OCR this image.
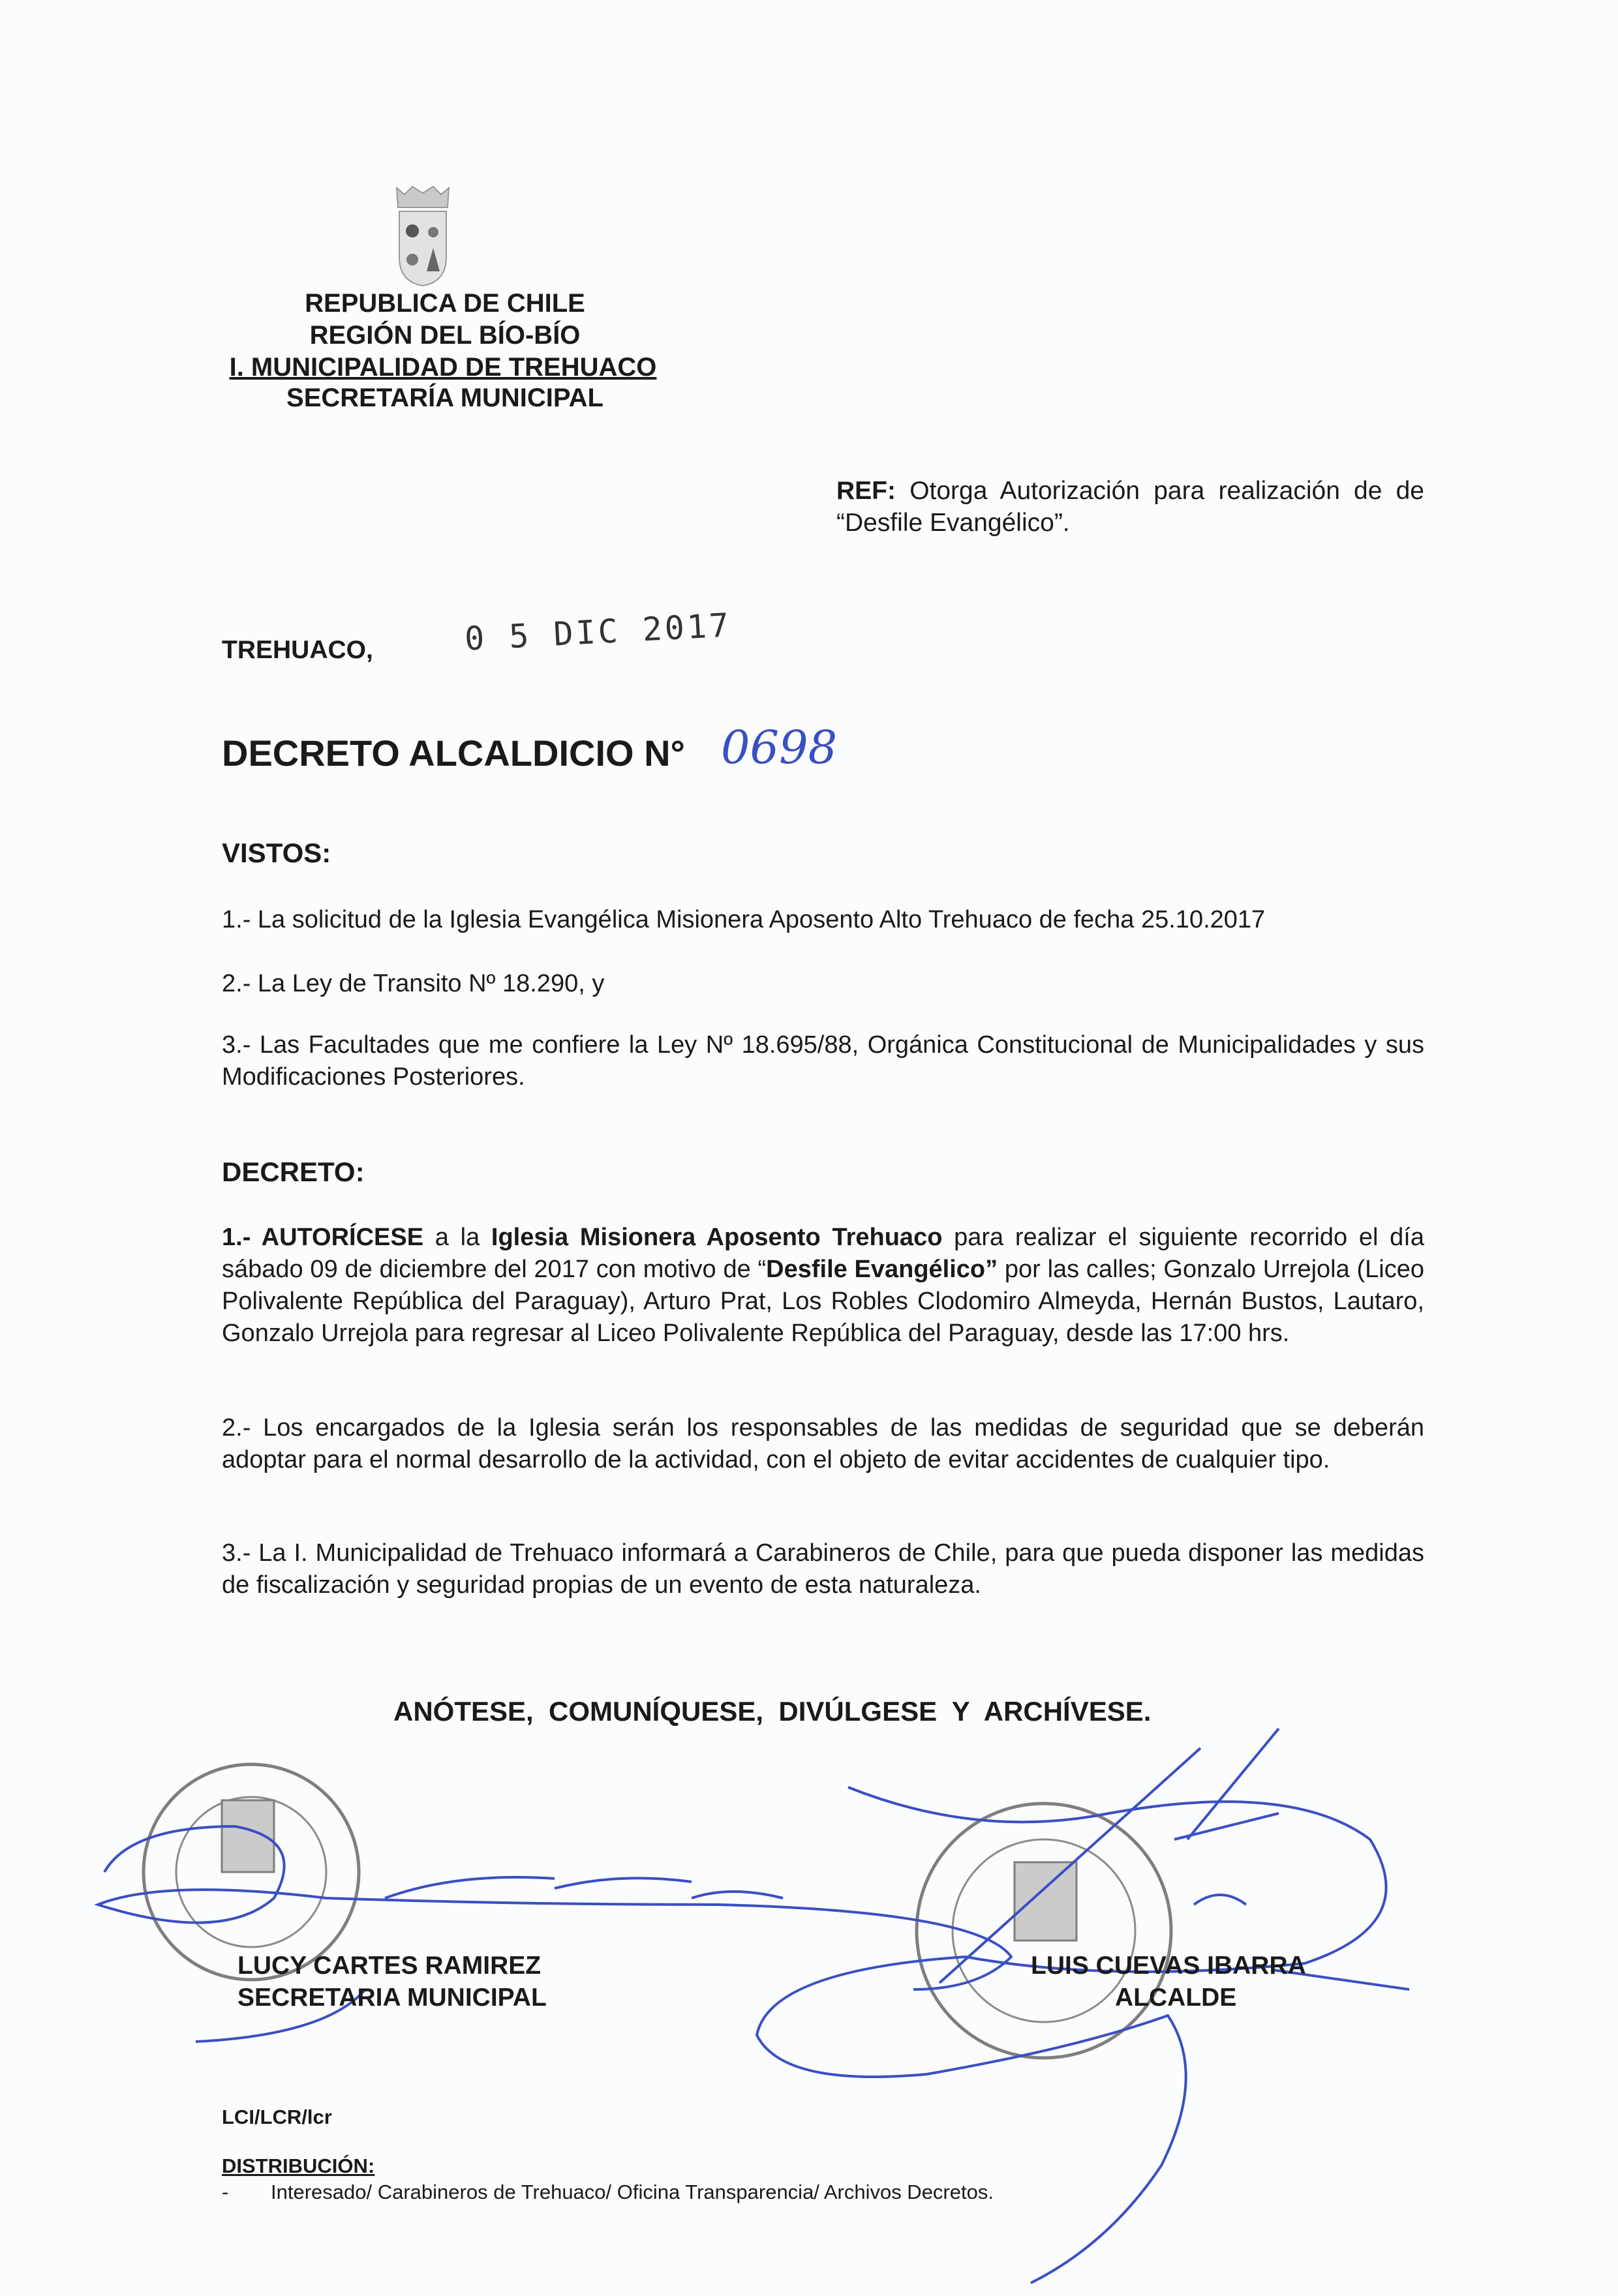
REPUBLICA DE CHILE
REGIÓN DEL BÍO-BÍO
I. MUNICIPALIDAD DE TREHUACO
SECRETARÍA MUNICIPAL
REF: Otorga Autorización para realización de de “Desfile Evangélico”.
TREHUACO,	0 5 DIC 2017
DECRETO ALCALDICIO N° 0698
VISTOS:
1.- La solicitud de la Iglesia Evangélica Misionera Aposento Alto Trehuaco de fecha 25.10.2017
2.- La Ley de Transito Nº 18.290, y
3.- Las Facultades que me confiere la Ley Nº 18.695/88, Orgánica Constitucional de Municipalidades y sus Modificaciones Posteriores.
DECRETO:
1.- AUTORÍCESE a la Iglesia Misionera Aposento Trehuaco para realizar el siguiente recorrido el día sábado 09 de diciembre del 2017 con motivo de “Desfile Evangélico” por las calles; Gonzalo Urrejola (Liceo Polivalente República del Paraguay), Arturo Prat, Los Robles Clodomiro Almeyda, Hernán Bustos, Lautaro, Gonzalo Urrejola para regresar al Liceo Polivalente República del Paraguay, desde las 17:00 hrs.
2.- Los encargados de la Iglesia serán los responsables de las medidas de seguridad que se deberán adoptar para el normal desarrollo de la actividad, con el objeto de evitar accidentes de cualquier tipo.
3.- La I. Municipalidad de Trehuaco informará a Carabineros de Chile, para que pueda disponer las medidas de fiscalización y seguridad propias de un evento de esta naturaleza.
ANÓTESE,  COMUNÍQUESE,  DIVÚLGESE  Y  ARCHÍVESE.
LUCY CARTES RAMIREZ
SECRETARIA MUNICIPAL
LUIS CUEVAS IBARRA
ALCALDE
LCI/LCR/lcr
DISTRIBUCIÓN:
- Interesado/ Carabineros de Trehuaco/ Oficina Transparencia/ Archivos Decretos.
